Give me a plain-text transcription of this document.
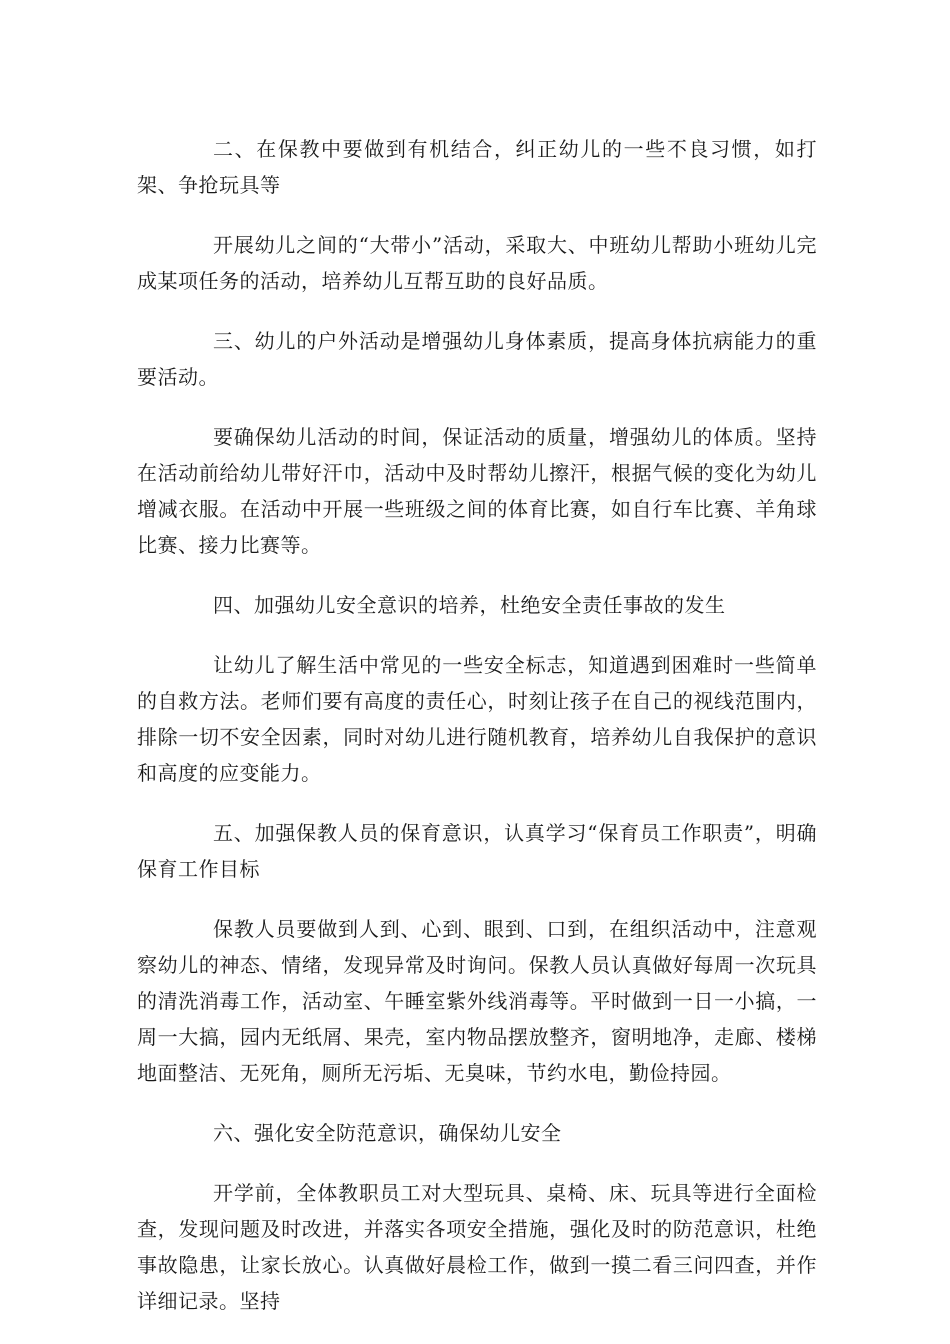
二、在保教中要做到有机结合，纠正幼儿的一些不良习惯，如打架、争抢玩具等

开展幼儿之间的“大带小”活动，采取大、中班幼儿帮助小班幼儿完成某项任务的活动，培养幼儿互帮互助的良好品质。

三、幼儿的户外活动是增强幼儿身体素质，提高身体抗病能力的重要活动。

要确保幼儿活动的时间，保证活动的质量，增强幼儿的体质。坚持在活动前给幼儿带好汗巾，活动中及时帮幼儿擦汗，根据气候的变化为幼儿增减衣服。在活动中开展一些班级之间的体育比赛，如自行车比赛、羊角球比赛、接力比赛等。

四、加强幼儿安全意识的培养，杜绝安全责任事故的发生

让幼儿了解生活中常见的一些安全标志，知道遇到困难时一些简单的自救方法。老师们要有高度的责任心，时刻让孩子在自己的视线范围内，排除一切不安全因素，同时对幼儿进行随机教育，培养幼儿自我保护的意识和高度的应变能力。

五、加强保教人员的保育意识，认真学习“保育员工作职责”，明确保育工作目标

保教人员要做到人到、心到、眼到、口到，在组织活动中，注意观察幼儿的神态、情绪，发现异常及时询问。保教人员认真做好每周一次玩具的清洗消毒工作，活动室、午睡室紫外线消毒等。平时做到一日一小搞，一周一大搞，园内无纸屑、果壳，室内物品摆放整齐，窗明地净，走廊、楼梯地面整洁、无死角，厕所无污垢、无臭味，节约水电，勤俭持园。

六、强化安全防范意识，确保幼儿安全

开学前，全体教职员工对大型玩具、桌椅、床、玩具等进行全面检查，发现问题及时改进，并落实各项安全措施，强化及时的防范意识，杜绝事故隐患，让家长放心。认真做好晨检工作，做到一摸二看三问四查，并作详细记录。坚持
